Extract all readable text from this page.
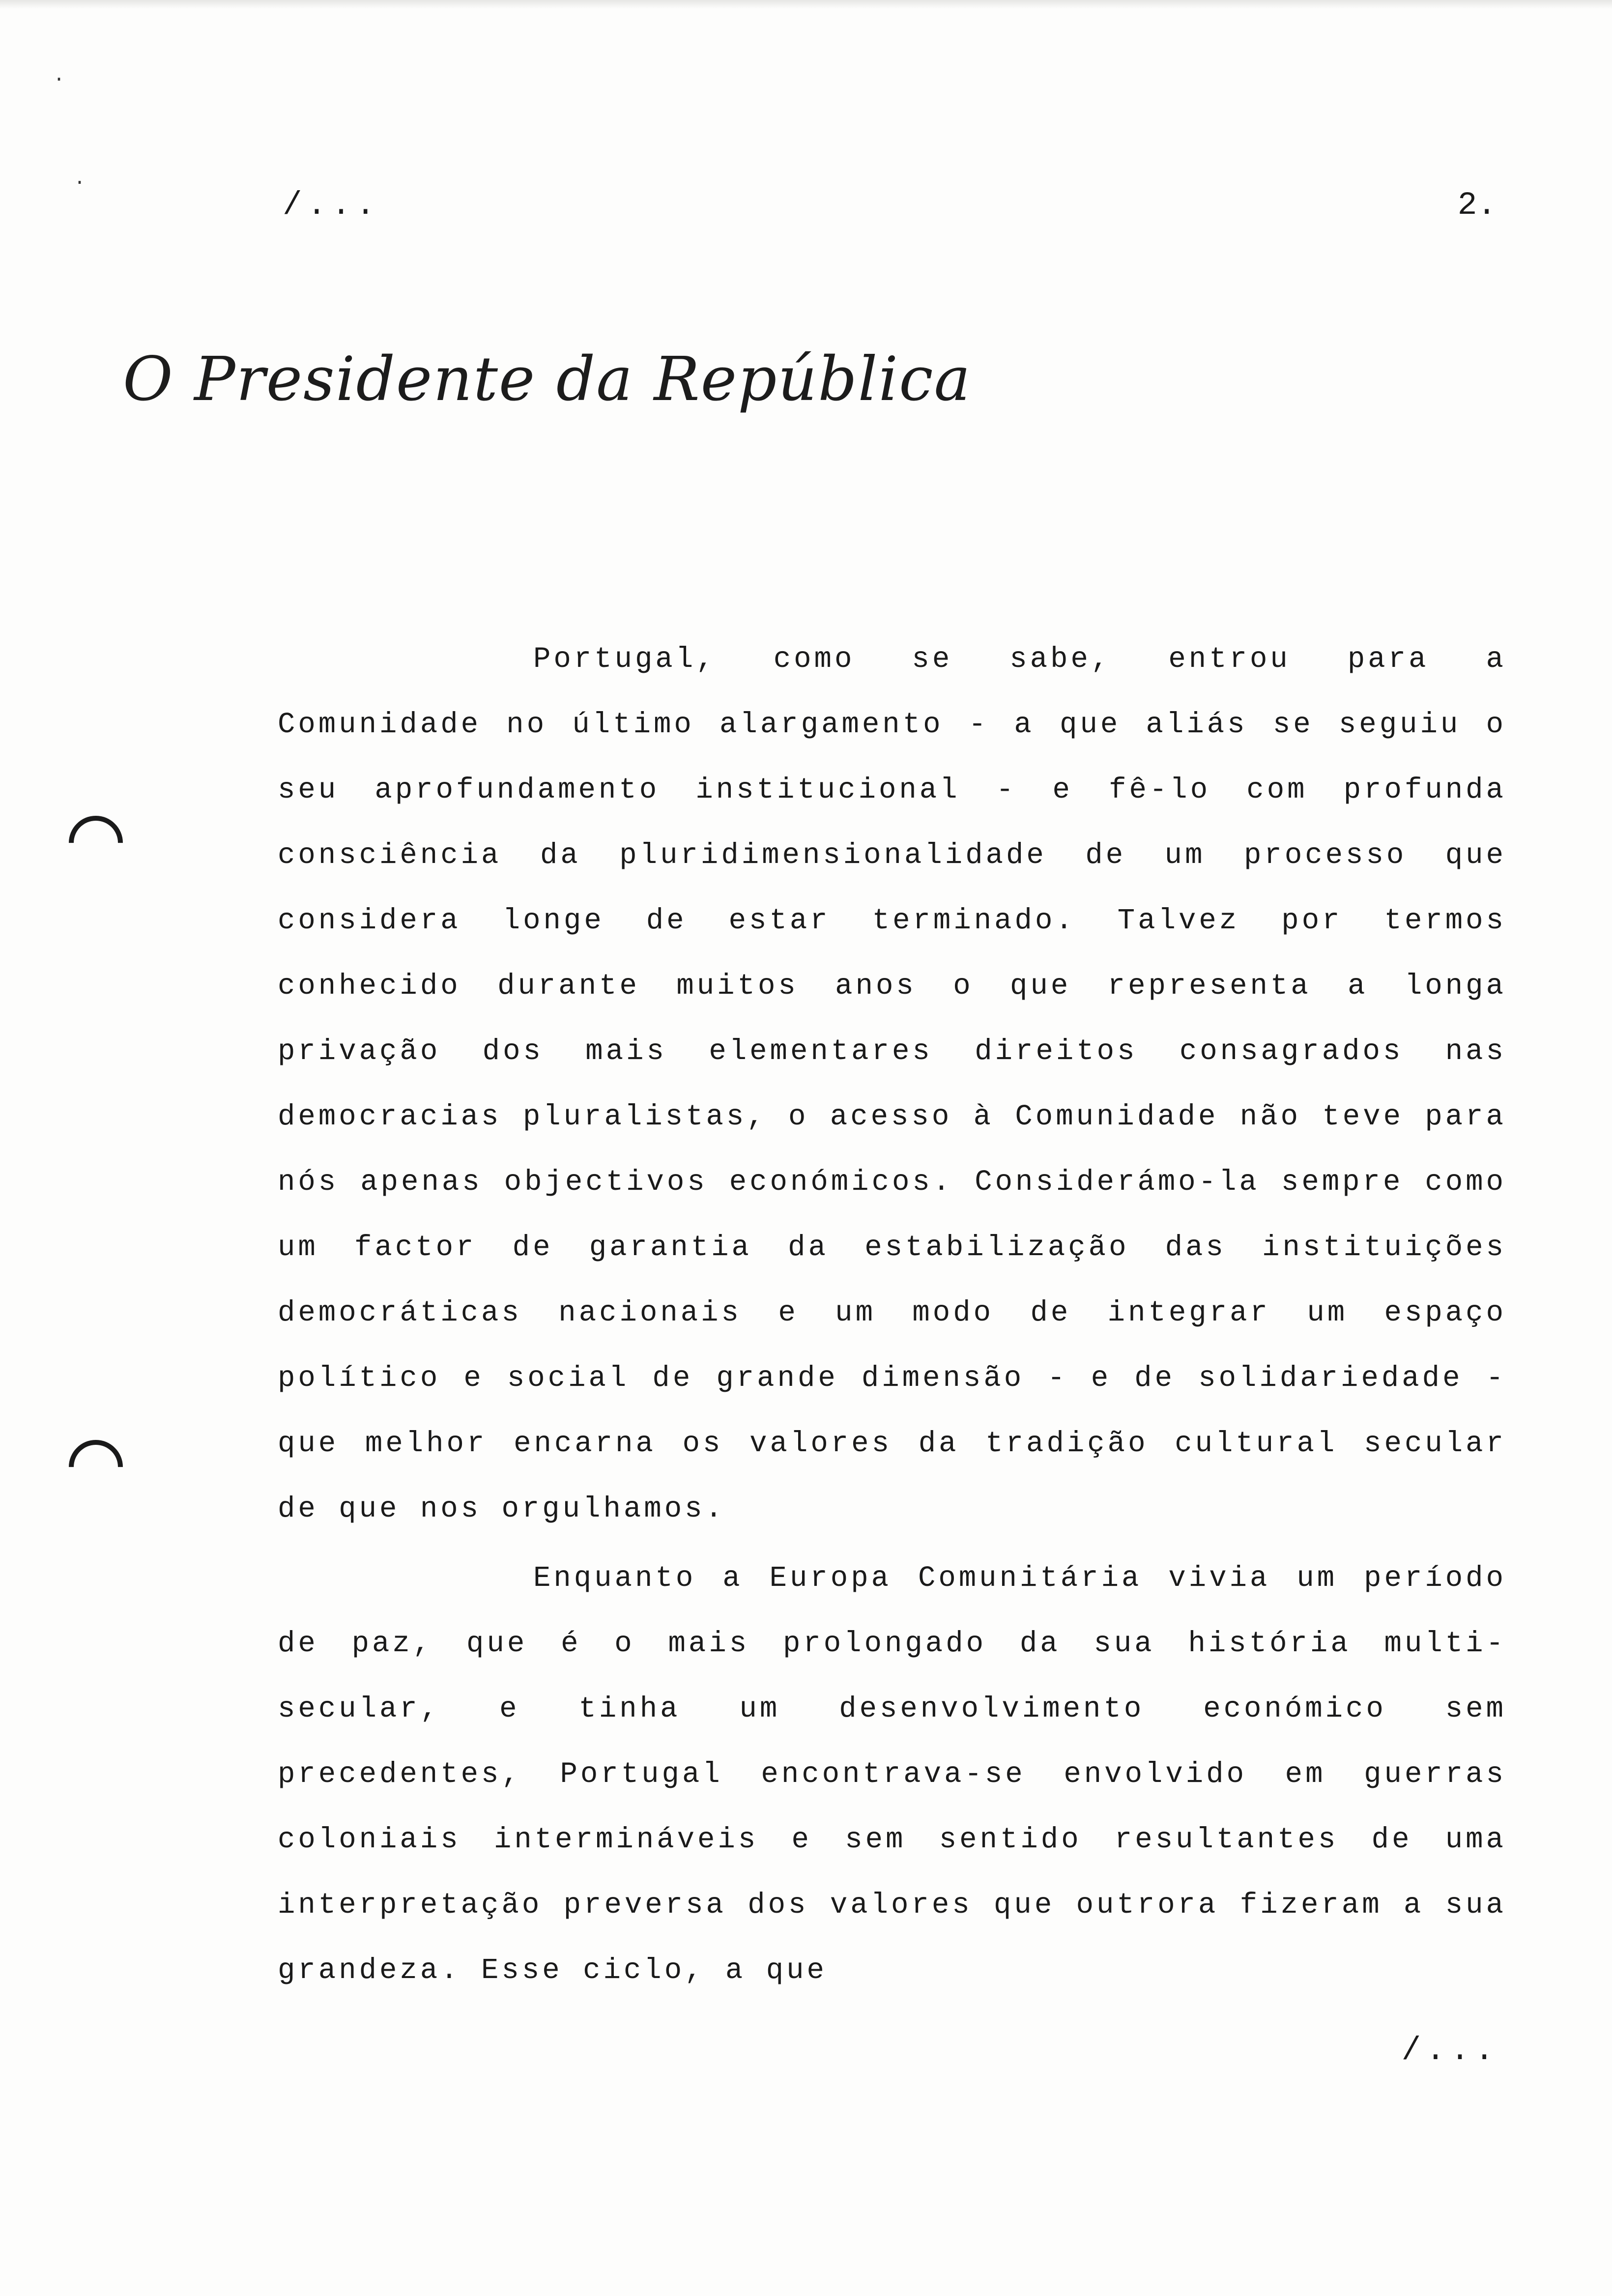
·
·
/...	2.
O Presidente da República
Portugal, como se sabe, entrou para a Comunidade no último alargamento - a que aliás se seguiu o seu aprofundamento institucional - e fê-lo com profunda consciência da pluridimensionalidade de um processo que considera longe de estar terminado. Talvez por termos conhecido durante muitos anos o que representa a longa privação dos mais elementares direitos consagrados nas democracias pluralistas, o acesso à Comunidade não teve para nós apenas objectivos económicos. Considerámo-la sempre como um factor de garantia da estabilização das instituições democráticas nacionais e um modo de integrar um espaço político e social de grande dimensão - e de solidariedade - que melhor encarna os valores da tradição cultural secular de que nos orgulhamos.
Enquanto a Europa Comunitária vivia um período de paz, que é o mais prolongado da sua história multi-secular, e tinha um desenvolvimento económico sem precedentes, Portugal encontrava-se envolvido em guerras coloniais intermináveis e sem sentido resultantes de uma interpretação preversa dos valores que outrora fizeram a sua grandeza. Esse ciclo, a que
/...
